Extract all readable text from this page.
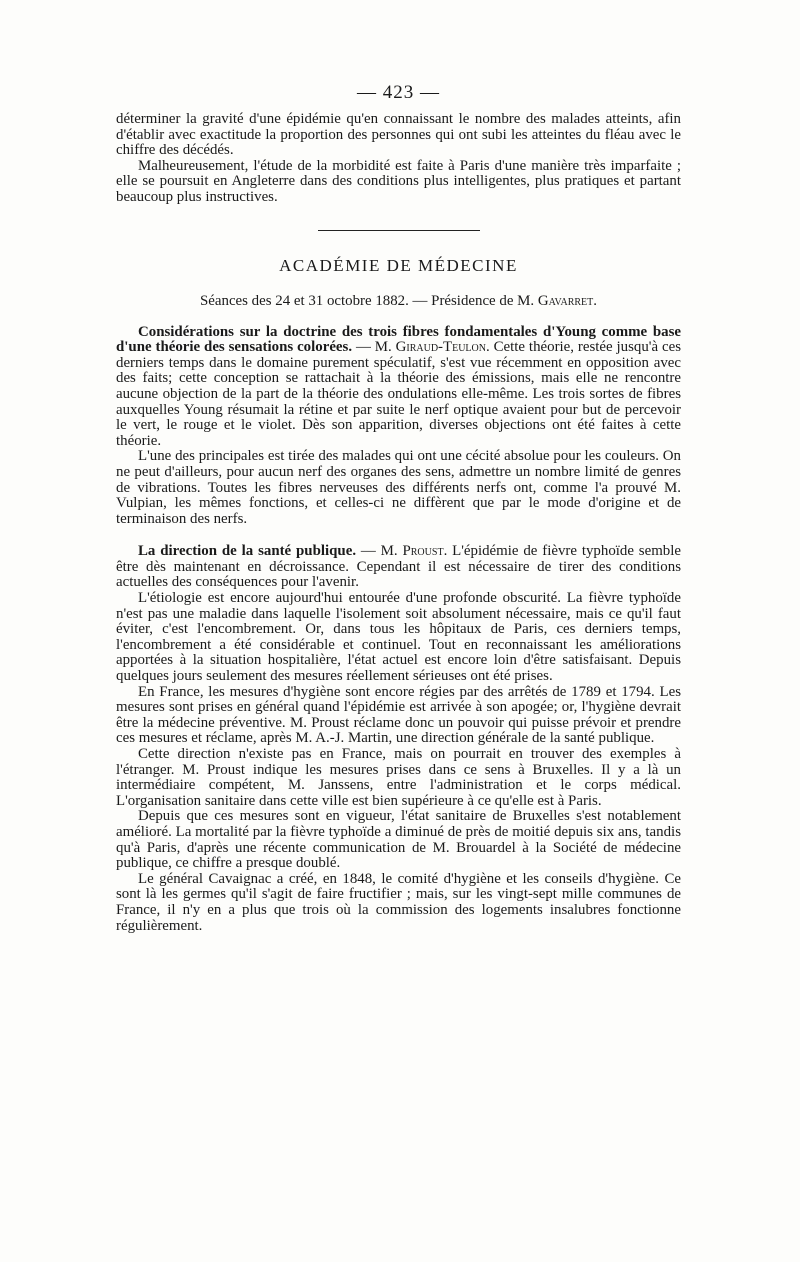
— 423 —

déterminer la gravité d'une épidémie qu'en connaissant le nombre des malades atteints, afin d'établir avec exactitude la proportion des personnes qui ont subi les atteintes du fléau avec le chiffre des décédés.

Malheureusement, l'étude de la morbidité est faite à Paris d'une manière très imparfaite ; elle se poursuit en Angleterre dans des conditions plus intelligentes, plus pratiques et partant beaucoup plus instructives.

ACADÉMIE DE MÉDECINE
Séances des 24 et 31 octobre 1882. — Présidence de M. Gavarret.

Considérations sur la doctrine des trois fibres fondamentales d'Young comme base d'une théorie des sensations colorées. — M. Giraud-Teulon. Cette théorie, restée jusqu'à ces derniers temps dans le domaine purement spéculatif, s'est vue récemment en opposition avec des faits; cette conception se rattachait à la théorie des émissions, mais elle ne rencontre aucune objection de la part de la théorie des ondulations elle-même. Les trois sortes de fibres auxquelles Young résumait la rétine et par suite le nerf optique avaient pour but de percevoir le vert, le rouge et le violet. Dès son apparition, diverses objections ont été faites à cette théorie.

L'une des principales est tirée des malades qui ont une cécité absolue pour les couleurs. On ne peut d'ailleurs, pour aucun nerf des organes des sens, admettre un nombre limité de genres de vibrations. Toutes les fibres nerveuses des différents nerfs ont, comme l'a prouvé M. Vulpian, les mêmes fonctions, et celles-ci ne diffèrent que par le mode d'origine et de terminaison des nerfs.

La direction de la santé publique. — M. Proust. L'épidémie de fièvre typhoïde semble être dès maintenant en décroissance. Cependant il est nécessaire de tirer des conditions actuelles des conséquences pour l'avenir.

L'étiologie est encore aujourd'hui entourée d'une profonde obscurité. La fièvre typhoïde n'est pas une maladie dans laquelle l'isolement soit absolument nécessaire, mais ce qu'il faut éviter, c'est l'encombrement. Or, dans tous les hôpitaux de Paris, ces derniers temps, l'encombrement a été considérable et continuel. Tout en reconnaissant les améliorations apportées à la situation hospitalière, l'état actuel est encore loin d'être satisfaisant. Depuis quelques jours seulement des mesures réellement sérieuses ont été prises.

En France, les mesures d'hygiène sont encore régies par des arrêtés de 1789 et 1794. Les mesures sont prises en général quand l'épidémie est arrivée à son apogée; or, l'hygiène devrait être la médecine préventive. M. Proust réclame donc un pouvoir qui puisse prévoir et prendre ces mesures et réclame, après M. A.-J. Martin, une direction générale de la santé publique.

Cette direction n'existe pas en France, mais on pourrait en trouver des exemples à l'étranger. M. Proust indique les mesures prises dans ce sens à Bruxelles. Il y a là un intermédiaire compétent, M. Janssens, entre l'administration et le corps médical. L'organisation sanitaire dans cette ville est bien supérieure à ce qu'elle est à Paris.

Depuis que ces mesures sont en vigueur, l'état sanitaire de Bruxelles s'est notablement amélioré. La mortalité par la fièvre typhoïde a diminué de près de moitié depuis six ans, tandis qu'à Paris, d'après une récente communication de M. Brouardel à la Société de médecine publique, ce chiffre a presque doublé.

Le général Cavaignac a créé, en 1848, le comité d'hygiène et les conseils d'hygiène. Ce sont là les germes qu'il s'agit de faire fructifier ; mais, sur les vingt-sept mille communes de France, il n'y en a plus que trois où la commission des logements insalubres fonctionne régulièrement.
